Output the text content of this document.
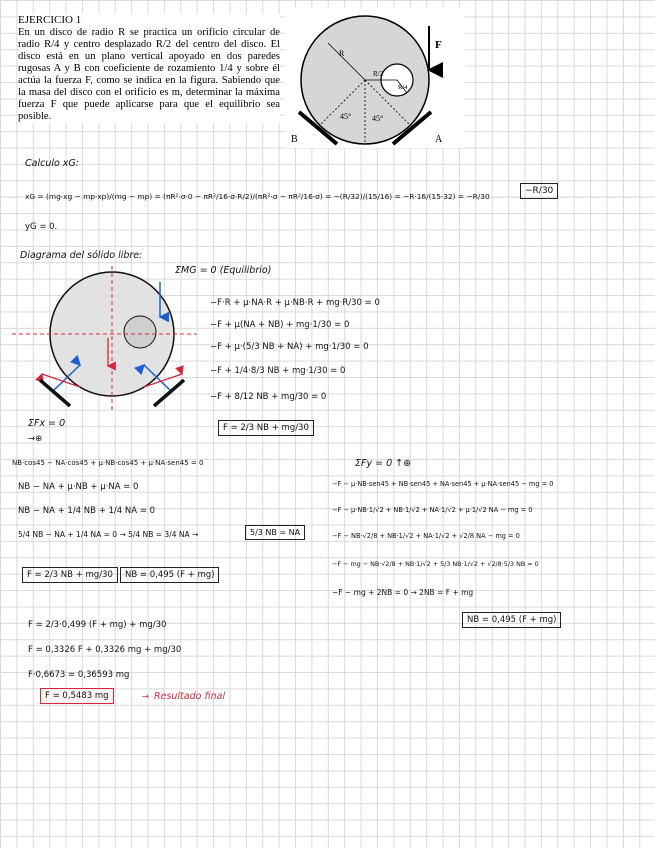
EJERCICIO 1
En un disco de radio R se practica un orificio circular de radio R/4 y centro desplazado R/2 del centro del disco. El disco está en un plano vertical apoyado en dos paredes rugosas A y B con coeficiente de rozamiento 1/4 y sobre él actúa la fuerza F, como se indica en la figura. Sabiendo que la masa del disco con el orificio es m, determinar la máxima fuerza F que puede aplicarse para que el equilibrio sea posible.
F
R
R/2
R/4
45°	45°
B	A
Calculo xG:
xG = (mg·xg − mp·xp)/(mg − mp) = (πR²·σ·0 − πR²/16·σ·R/2)/(πR²·σ − πR²/16·σ) = −(R/32)/(15/16) = −R·16/(15·32) = −R/30
−R/30
yG = 0.
Diagrama del sólido libre:
ΣMG = 0 (Equilibrio)
−F·R + μ·NA·R + μ·NB·R + mg·R/30 = 0
−F + μ(NA + NB) + mg·1/30 = 0
−F + μ·(5/3 NB + NA) + mg·1/30 = 0
−F + 1/4·8/3 NB + mg·1/30 = 0
−F + 8/12 NB + mg/30 = 0
F = 2/3 NB + mg/30
ΣFx = 0
→⊕
NB·cos45 − NA·cos45 + μ·NB·cos45 + μ·NA·sen45 = 0
NB − NA + μ·NB + μ·NA = 0
NB − NA + 1/4 NB + 1/4 NA = 0
5/4 NB − NA + 1/4 NA = 0 → 5/4 NB = 3/4 NA →	5/3 NB = NA
ΣFy = 0 ↑⊕
−F − μ·NB·sen45 + NB·sen45 + NA·sen45 + μ·NA·sen45 − mg = 0
−F − μ·NB·1/√2 + NB·1/√2 + NA·1/√2 + μ·1/√2 NA − mg = 0
−F − NB·√2/8 + NB·1/√2 + NA·1/√2 + √2/8 NA − mg = 0
−F − mg − NB·√2/8 + NB·1/√2 + 5/3 NB·1/√2 + √2/8·5/3 NB = 0
−F − mg + 2NB = 0 → 2NB = F + mg
NB = 0,495 (F + mg)
F = 2/3 NB + mg/30	NB = 0,495 (F + mg)
F = 2/3·0,499 (F + mg) + mg/30
F = 0,3326 F + 0,3326 mg + mg/30
F·0,6673 = 0,36593 mg
F = 0,5483 mg	→ Resultado final
